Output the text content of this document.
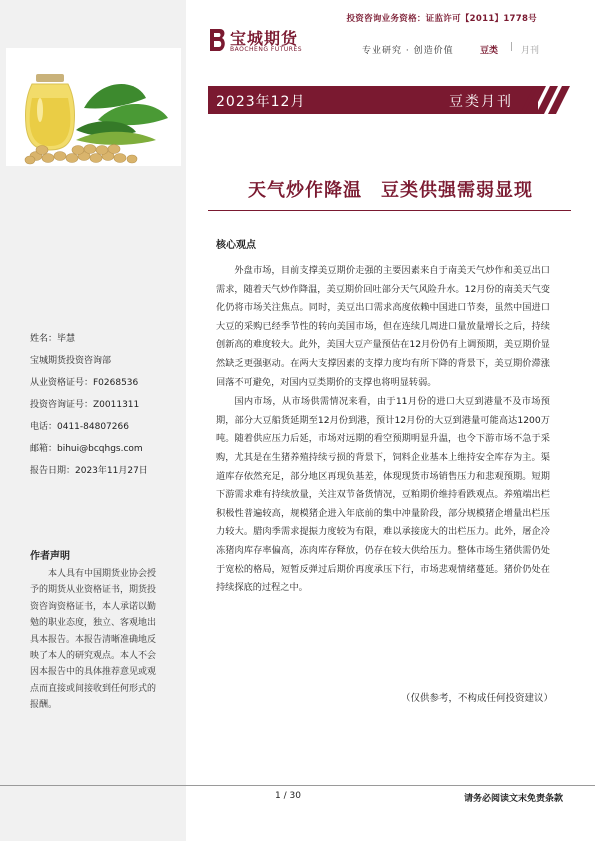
投资咨询业务资格：证监许可【2011】1778号
宝城期货
BAOCHENG FUTURES	专业研究 · 创造价值	豆类 | 月刊
2023年12月	豆类月刊
天气炒作降温　豆类供强需弱显现
核心观点

外盘市场，目前支撑美豆期价走强的主要因素来自于南美天气炒作和美豆出口需求，随着天气炒作降温，美豆期价回吐部分天气风险升水。12月份的南美天气变化仍将市场关注焦点。同时，美豆出口需求高度依赖中国进口节奏，虽然中国进口大豆的采购已经季节性的转向美国市场，但在连续几周进口量放量增长之后，持续创新高的难度较大。此外，美国大豆产量预估在12月份仍有上调预期，美豆期价显然缺乏更强驱动。在两大支撑因素的支撑力度均有所下降的背景下，美豆期价滞涨回落不可避免，对国内豆类期价的支撑也将明显转弱。

国内市场，从市场供需情况来看，由于11月份的进口大豆到港量不及市场预期，部分大豆船货延期至12月份到港，预计12月份的大豆到港量可能高达1200万吨。随着供应压力后延，市场对远期的看空预期明显升温，也令下游市场不急于采购，尤其是在生猪养殖持续亏损的背景下，饲料企业基本上维持安全库存为主。渠道库存依然充足，部分地区再现负基差，体现现货市场销售压力和悲观预期。短期下游需求难有持续放量，关注双节备货情况，豆粕期价维持看跌观点。养殖端出栏积极性普遍较高，规模猪企进入年底前的集中冲量阶段，部分规模猪企增量出栏压力较大。腊肉季需求提振力度较为有限，难以承接庞大的出栏压力。此外，屠企冷冻猪肉库存率偏高，冻肉库存释放，仍存在较大供给压力。整体市场生猪供需仍处于宽松的格局，短暂反弹过后期价再度承压下行，市场悲观情绪蔓延。猪价仍处在持续探底的过程之中。

（仅供参考，不构成任何投资建议）
姓名：毕慧
宝城期货投资咨询部
从业资格证号：F0268536
投资咨询证号：Z0011311
电话：0411-84807266
邮箱：bihui@bcqhgs.com
报告日期：2023年11月27日
作者声明
本人具有中国期货业协会授予的期货从业资格证书，期货投资咨询资格证书，本人承诺以勤勉的职业态度，独立、客观地出具本报告。本报告清晰准确地反映了本人的研究观点。本人不会因本报告中的具体推荐意见或观点而直接或间接收到任何形式的报酬。
1 / 30	请务必阅读文末免责条款
